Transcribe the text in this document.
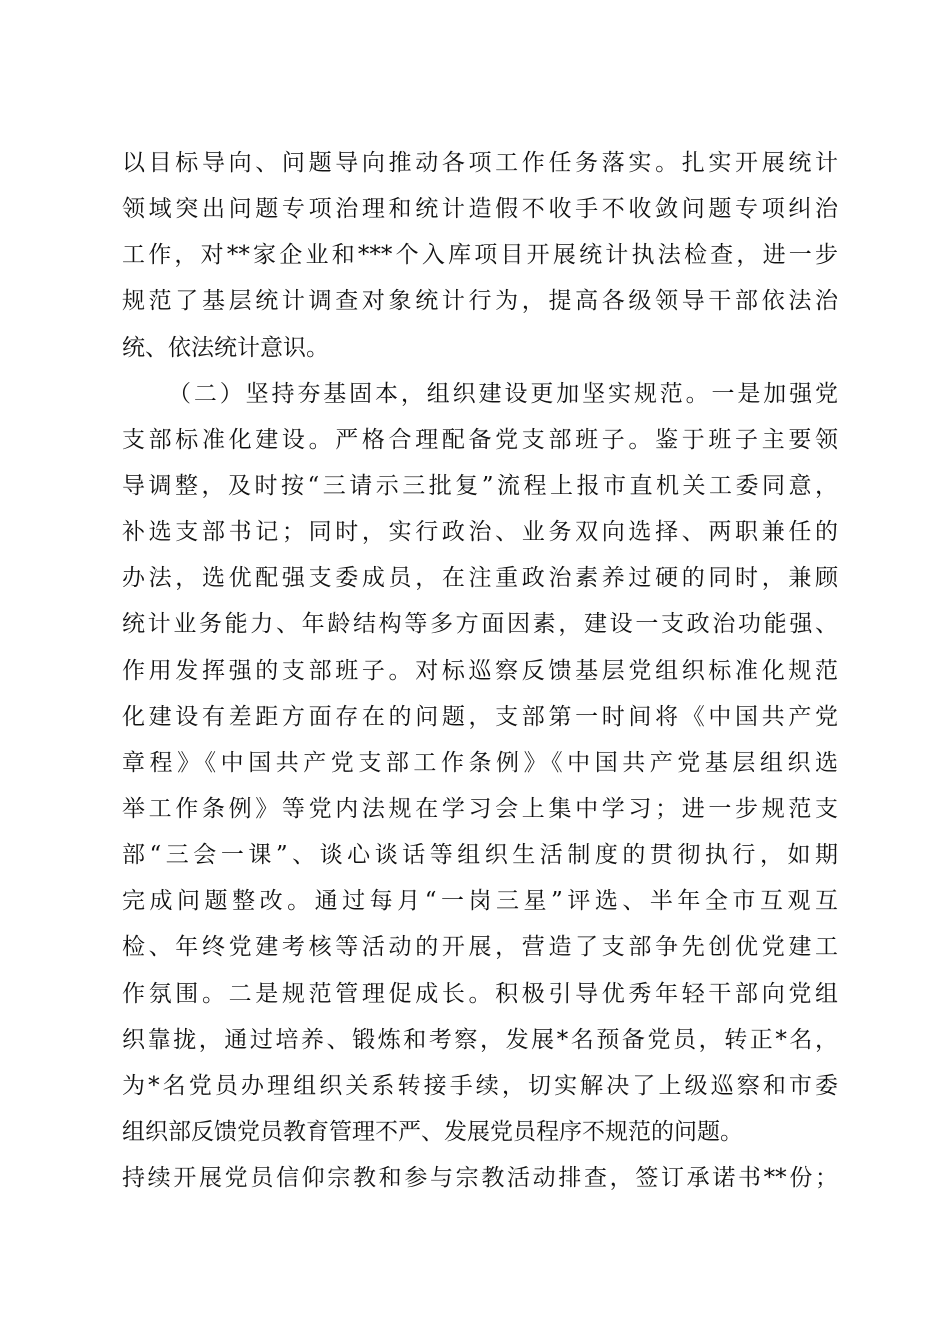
以目标导向、问题导向推动各项工作任务落实。扎实开展统计
领域突出问题专项治理和统计造假不收手不收敛问题专项纠治
工作，对**家企业和***个入库项目开展统计执法检查，进一步
规范了基层统计调查对象统计行为，提高各级领导干部依法治
统、依法统计意识。
（二）坚持夯基固本，组织建设更加坚实规范。一是加强党
支部标准化建设。严格合理配备党支部班子。鉴于班子主要领
导调整，及时按“三请示三批复”流程上报市直机关工委同意，
补选支部书记；同时，实行政治、业务双向选择、两职兼任的
办法，选优配强支委成员，在注重政治素养过硬的同时，兼顾
统计业务能力、年龄结构等多方面因素，建设一支政治功能强、
作用发挥强的支部班子。对标巡察反馈基层党组织标准化规范
化建设有差距方面存在的问题，支部第一时间将《中国共产党
章程》《中国共产党支部工作条例》《中国共产党基层组织选
举工作条例》等党内法规在学习会上集中学习；进一步规范支
部“三会一课”、谈心谈话等组织生活制度的贯彻执行，如期
完成问题整改。通过每月“一岗三星”评选、半年全市互观互
检、年终党建考核等活动的开展，营造了支部争先创优党建工
作氛围。二是规范管理促成长。积极引导优秀年轻干部向党组
织靠拢，通过培养、锻炼和考察，发展*名预备党员，转正*名，
为*名党员办理组织关系转接手续，切实解决了上级巡察和市委
组织部反馈党员教育管理不严、发展党员程序不规范的问题。
持续开展党员信仰宗教和参与宗教活动排查，签订承诺书**份；
